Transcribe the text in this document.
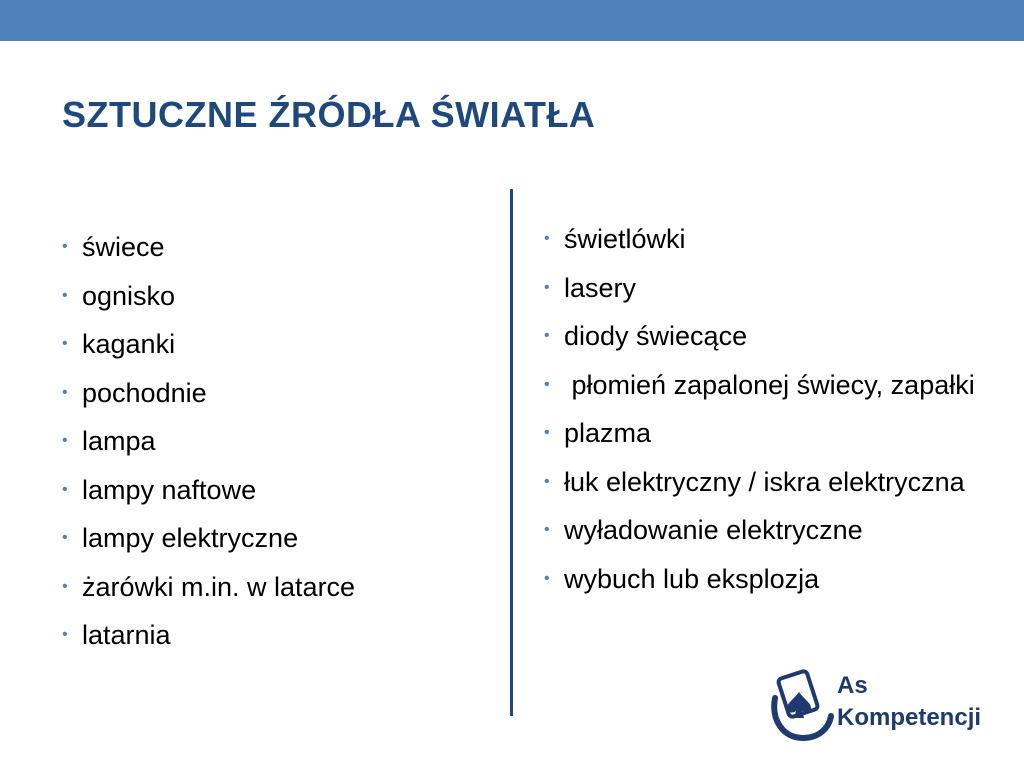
SZTUCZNE ŹRÓDŁA ŚWIATŁA
• świece
• ognisko
• kaganki
• pochodnie
• lampa
• lampy naftowe
• lampy elektryczne
• żarówki m.in. w latarce
• latarnia
• świetlówki
• lasery
• diody świecące
• płomień zapalonej świecy, zapałki
• plazma
• łuk elektryczny / iskra elektryczna
• wyładowanie elektryczne
• wybuch lub eksplozja
As
Kompetencji
